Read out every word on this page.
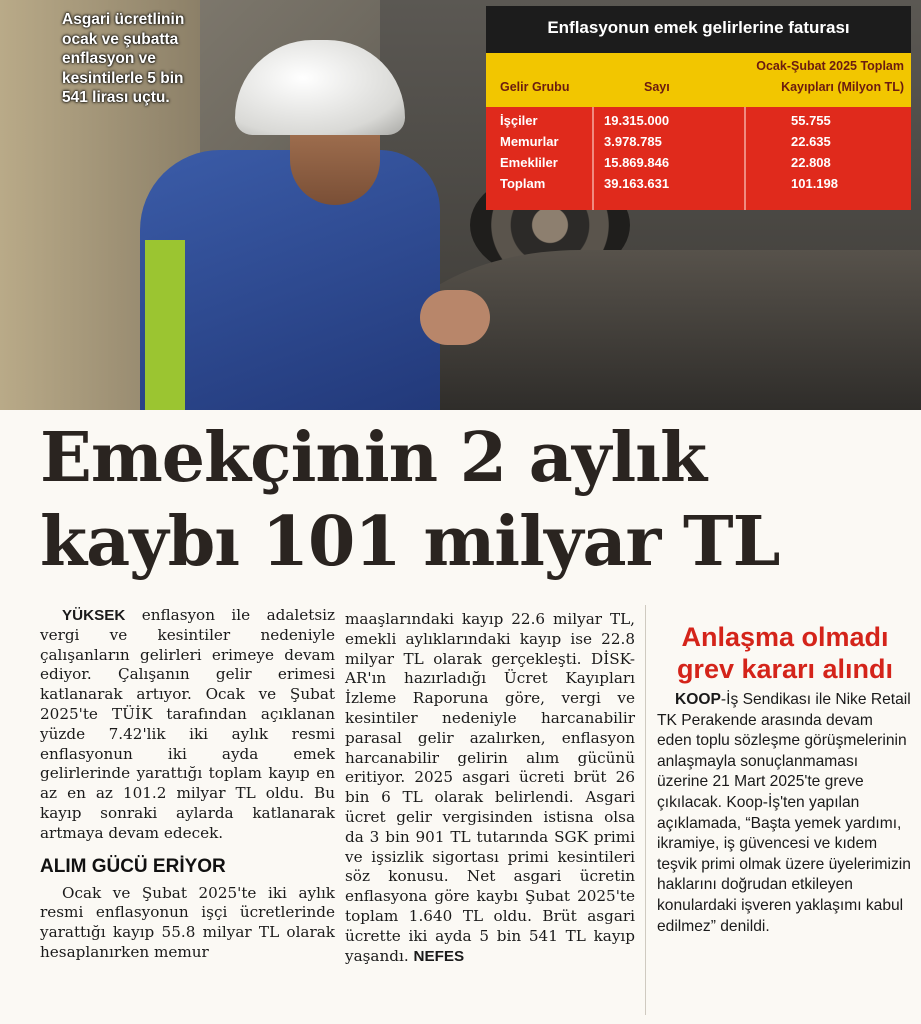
Asgari ücretlinin ocak ve şubatta enflasyon ve kesintilerle 5 bin 541 lirası uçtu.
Enflasyonun emek gelirlerine faturası
Gelir Grubu	Sayı
Ocak-Şubat 2025 Toplam
Kayıpları (Milyon TL)
İşçiler	19.315.000	55.755
Memurlar	3.978.785	22.635
Emekliler	15.869.846	22.808
Toplam	39.163.631	101.198
Emekçinin 2 aylık
kaybı 101 milyar TL

YÜKSEK enflasyon ile adaletsiz vergi ve kesintiler nedeniyle çalışanların gelirleri erimeye devam ediyor. Çalışanın gelir erimesi katlanarak artıyor. Ocak ve Şubat 2025'te TÜİK tarafından açıklanan yüzde 7.42'lik iki aylık resmi enflasyonun iki ayda emek gelirlerinde yarattığı toplam kayıp en az en az 101.2 milyar TL oldu. Bu kayıp sonraki aylarda katlanarak artmaya devam edecek.

ALIM GÜCÜ ERİYOR

Ocak ve Şubat 2025'te iki aylık resmi enflasyonun işçi ücretlerinde yarattığı kayıp 55.8 milyar TL olarak hesaplanırken memur

maaşlarındaki kayıp 22.6 milyar TL, emekli aylıklarındaki kayıp ise 22.8 milyar TL olarak gerçekleşti. DİSK-AR'ın hazırladığı Ücret Kayıpları İzleme Raporuna göre, vergi ve kesintiler nedeniyle harcanabilir parasal gelir azalırken, enflasyon harcanabilir gelirin alım gücünü eritiyor. 2025 asgari ücreti brüt 26 bin 6 TL olarak belirlendi. Asgari ücret gelir vergisinden istisna olsa da 3 bin 901 TL tutarında SGK primi ve işsizlik sigortası primi kesintileri söz konusu. Net asgari ücretin enflasyona göre kaybı Şubat 2025'te toplam 1.640 TL oldu. Brüt asgari ücrette iki ayda 5 bin 541 TL kayıp yaşandı. NEFES

Anlaşma olmadı
grev kararı alındı

KOOP-İş Sendikası ile Nike Retail TK Perakende arasında devam eden toplu sözleşme görüşmelerinin anlaşmayla sonuçlanmaması üzerine 21 Mart 2025'te greve çıkılacak. Koop-İş'ten yapılan açıklamada, “Başta yemek yardımı, ikramiye, iş güvencesi ve kıdem teşvik primi olmak üzere üyelerimizin haklarını doğrudan etkileyen konulardaki işveren yaklaşımı kabul edilmez” denildi.
